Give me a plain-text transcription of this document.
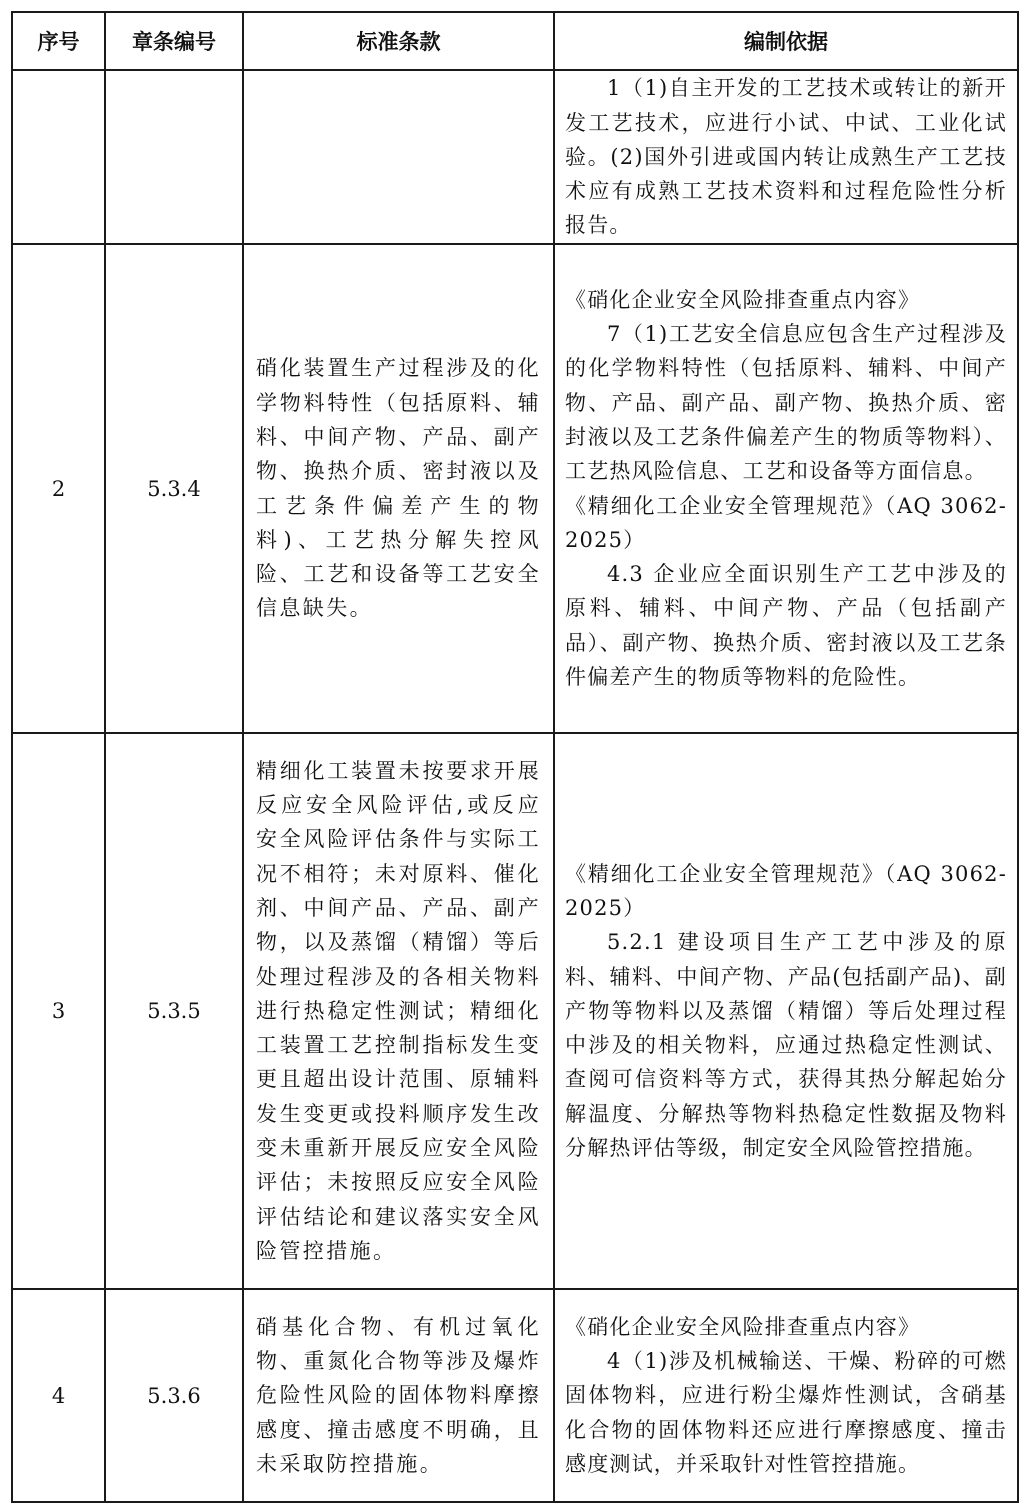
序号	章条编号	标准条款	编制依据

			1（1)自主开发的工艺技术或转让的新开发工艺技术，应进行小试、中试、工业化试验。(2)国外引进或国内转让成熟生产工艺技术应有成熟工艺技术资料和过程危险性分析报告。

2	5.3.4	硝化装置生产过程涉及的化学物料特性（包括原料、辅料、中间产物、产品、副产物、换热介质、密封液以及工艺条件偏差产生的物料)、工艺热分解失控风险、工艺和设备等工艺安全信息缺失。	《硝化企业安全风险排查重点内容》

7（1)工艺安全信息应包含生产过程涉及的化学物料特性（包括原料、辅料、中间产物、产品、副产品、副产物、换热介质、密封液以及工艺条件偏差产生的物质等物料）、工艺热风险信息、工艺和设备等方面信息。

《精细化工企业安全管理规范》（AQ 3062-2025）

4.3 企业应全面识别生产工艺中涉及的原料、辅料、中间产物、产品（包括副产品）、副产物、换热介质、密封液以及工艺条件偏差产生的物质等物料的危险性。

3	5.3.5	精细化工装置未按要求开展反应安全风险评估,或反应安全风险评估条件与实际工况不相符；未对原料、催化剂、中间产品、产品、副产物，以及蒸馏（精馏）等后处理过程涉及的各相关物料进行热稳定性测试；精细化工装置工艺控制指标发生变更且超出设计范围、原辅料发生变更或投料顺序发生改变未重新开展反应安全风险评估；未按照反应安全风险评估结论和建议落实安全风险管控措施。	《精细化工企业安全管理规范》（AQ 3062-2025）

5.2.1 建设项目生产工艺中涉及的原料、辅料、中间产物、产品(包括副产品)、副产物等物料以及蒸馏（精馏）等后处理过程中涉及的相关物料，应通过热稳定性测试、查阅可信资料等方式，获得其热分解起始分解温度、分解热等物料热稳定性数据及物料分解热评估等级，制定安全风险管控措施。

4	5.3.6	硝基化合物、有机过氧化物、重氮化合物等涉及爆炸危险性风险的固体物料摩擦感度、撞击感度不明确，且未采取防控措施。	《硝化企业安全风险排查重点内容》

4（1)涉及机械输送、干燥、粉碎的可燃固体物料，应进行粉尘爆炸性测试，含硝基化合物的固体物料还应进行摩擦感度、撞击感度测试，并采取针对性管控措施。
